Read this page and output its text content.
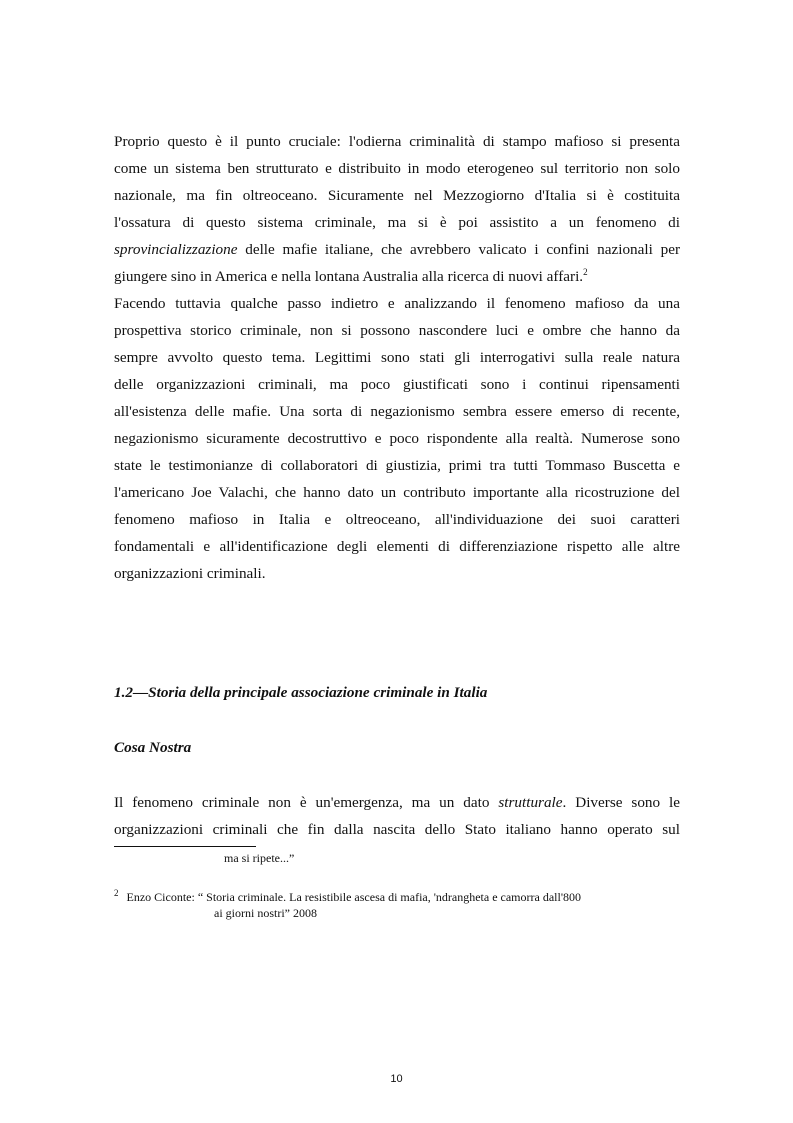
Proprio questo è il punto cruciale: l'odierna criminalità di stampo mafioso si presenta
come un sistema ben strutturato e distribuito in modo eterogeneo sul territorio non solo
nazionale, ma fin oltreoceano. Sicuramente nel Mezzogiorno d'Italia si è costituita
l'ossatura di questo sistema criminale, ma si è poi assistito a un fenomeno di
sprovincializzazione delle mafie italiane, che avrebbero valicato i confini nazionali per
giungere sino in America e nella lontana Australia alla ricerca di nuovi affari.$^2$
Facendo tuttavia qualche passo indietro e analizzando il fenomeno mafioso da una
prospettiva storico criminale, non si possono nascondere luci e ombre che hanno da
sempre avvolto questo tema. Legittimi sono stati gli interrogativi sulla reale natura
delle organizzazioni criminali, ma poco giustificati sono i continui ripensamenti
all'esistenza delle mafie. Una sorta di negazionismo sembra essere emerso di recente,
negazionismo sicuramente decostruttivo e poco rispondente alla realtà. Numerose sono
state le testimonianze di collaboratori di giustizia, primi tra tutti Tommaso Buscetta e
l'americano Joe Valachi, che hanno dato un contributo importante alla ricostruzione del
fenomeno mafioso in Italia e oltreoceano, all'individuazione dei suoi caratteri
fondamentali e all'identificazione degli elementi di differenziazione rispetto alle altre
organizzazioni criminali.
1.2—Storia della principale associazione criminale in Italia
Cosa Nostra
Il fenomeno criminale non è un'emergenza, ma un dato strutturale. Diverse sono le
organizzazioni criminali che fin dalla nascita dello Stato italiano hanno operato sul
ma si ripete...”
$^2$ Enzo Ciconte: “ Storia criminale. La resistibile ascesa di mafia, 'ndrangheta e camorra dall'800
ai giorni nostri” 2008
10
